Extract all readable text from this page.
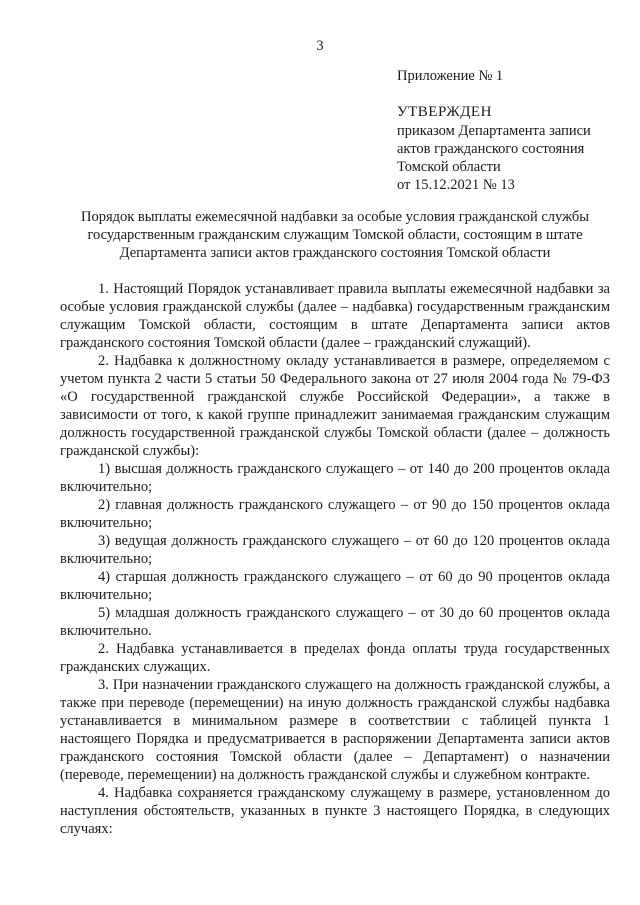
3
Приложение № 1
УТВЕРЖДЕН
приказом Департамента записи
актов гражданского состояния
Томской области
от 15.12.2021 № 13
Порядок выплаты ежемесячной надбавки за особые условия гражданской службы
государственным гражданским служащим Томской области, состоящим в штате
Департамента записи актов гражданского состояния Томской области

1. Настоящий Порядок устанавливает правила выплаты ежемесячной надбавки за особые условия гражданской службы (далее – надбавка) государственным гражданским служащим Томской области, состоящим в штате Департамента записи актов гражданского состояния Томской области (далее – гражданский служащий).

2. Надбавка к должностному окладу устанавливается в размере, определяемом с учетом пункта 2 части 5 статьи 50 Федерального закона от 27 июля 2004 года № 79-ФЗ «О государственной гражданской службе Российской Федерации», а также в зависимости от того, к какой группе принадлежит занимаемая гражданским служащим должность государственной гражданской службы Томской области (далее – должность гражданской службы):

1) высшая должность гражданского служащего – от 140 до 200 процентов оклада включительно;

2) главная должность гражданского служащего – от 90 до 150 процентов оклада включительно;

3) ведущая должность гражданского служащего – от 60 до 120 процентов оклада включительно;

4) старшая должность гражданского служащего – от 60 до 90 процентов оклада включительно;

5) младшая должность гражданского служащего – от 30 до 60 процентов оклада включительно.

2. Надбавка устанавливается в пределах фонда оплаты труда государственных гражданских служащих.

3. При назначении гражданского служащего на должность гражданской службы, а также при переводе (перемещении) на иную должность гражданской службы надбавка устанавливается в минимальном размере в соответствии с таблицей пункта 1 настоящего Порядка и предусматривается в распоряжении Департамента записи актов гражданского состояния Томской области (далее – Департамент) о назначении (переводе, перемещении) на должность гражданской службы и служебном контракте.

4. Надбавка сохраняется гражданскому служащему в размере, установленном до наступления обстоятельств, указанных в пункте 3 настоящего Порядка, в следующих случаях:
